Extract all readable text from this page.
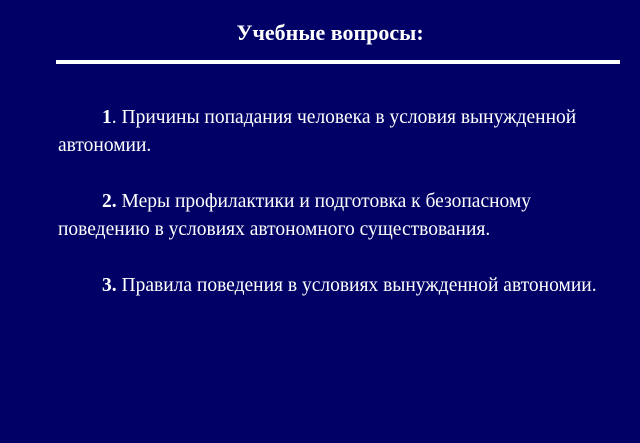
Учебные вопросы:

1. Причины попадания человека в условия вынужденной автономии.

2. Меры профилактики и подготовка к безопасному поведению в условиях автономного существования.

3. Правила поведения в условиях вынужденной автономии.
